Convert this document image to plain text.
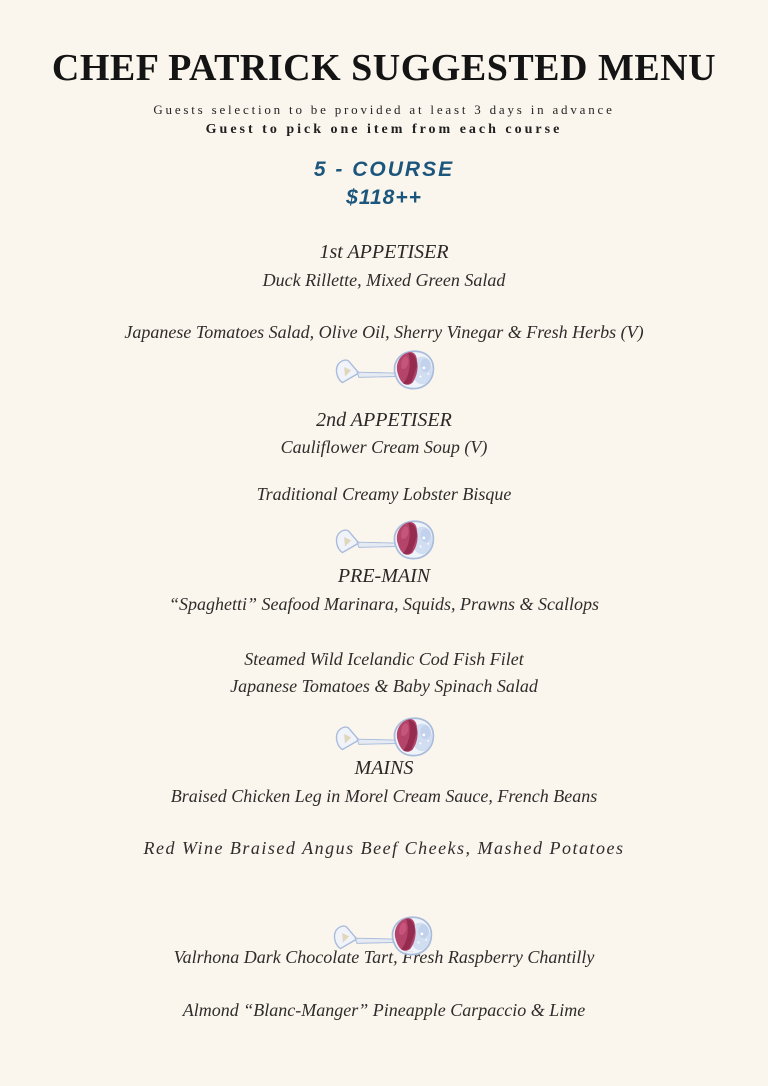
CHEF PATRICK SUGGESTED MENU
Guests selection to be provided at least 3 days in advance
Guest to pick one item from each course
5 - COURSE
$118++
1st APPETISER
Duck Rillette, Mixed Green Salad
Japanese Tomatoes Salad, Olive Oil, Sherry Vinegar & Fresh Herbs (V)
2nd APPETISER
Cauliflower Cream Soup (V)
Traditional Creamy Lobster Bisque
PRE-MAIN
“Spaghetti” Seafood Marinara, Squids, Prawns & Scallops
Steamed Wild Icelandic Cod Fish Filet
Japanese Tomatoes & Baby Spinach Salad
MAINS
Braised Chicken Leg in Morel Cream Sauce, French Beans
Red Wine Braised Angus Beef Cheeks, Mashed Potatoes
Valrhona Dark Chocolate Tart, Fresh Raspberry Chantilly
Almond “Blanc-Manger” Pineapple Carpaccio & Lime
